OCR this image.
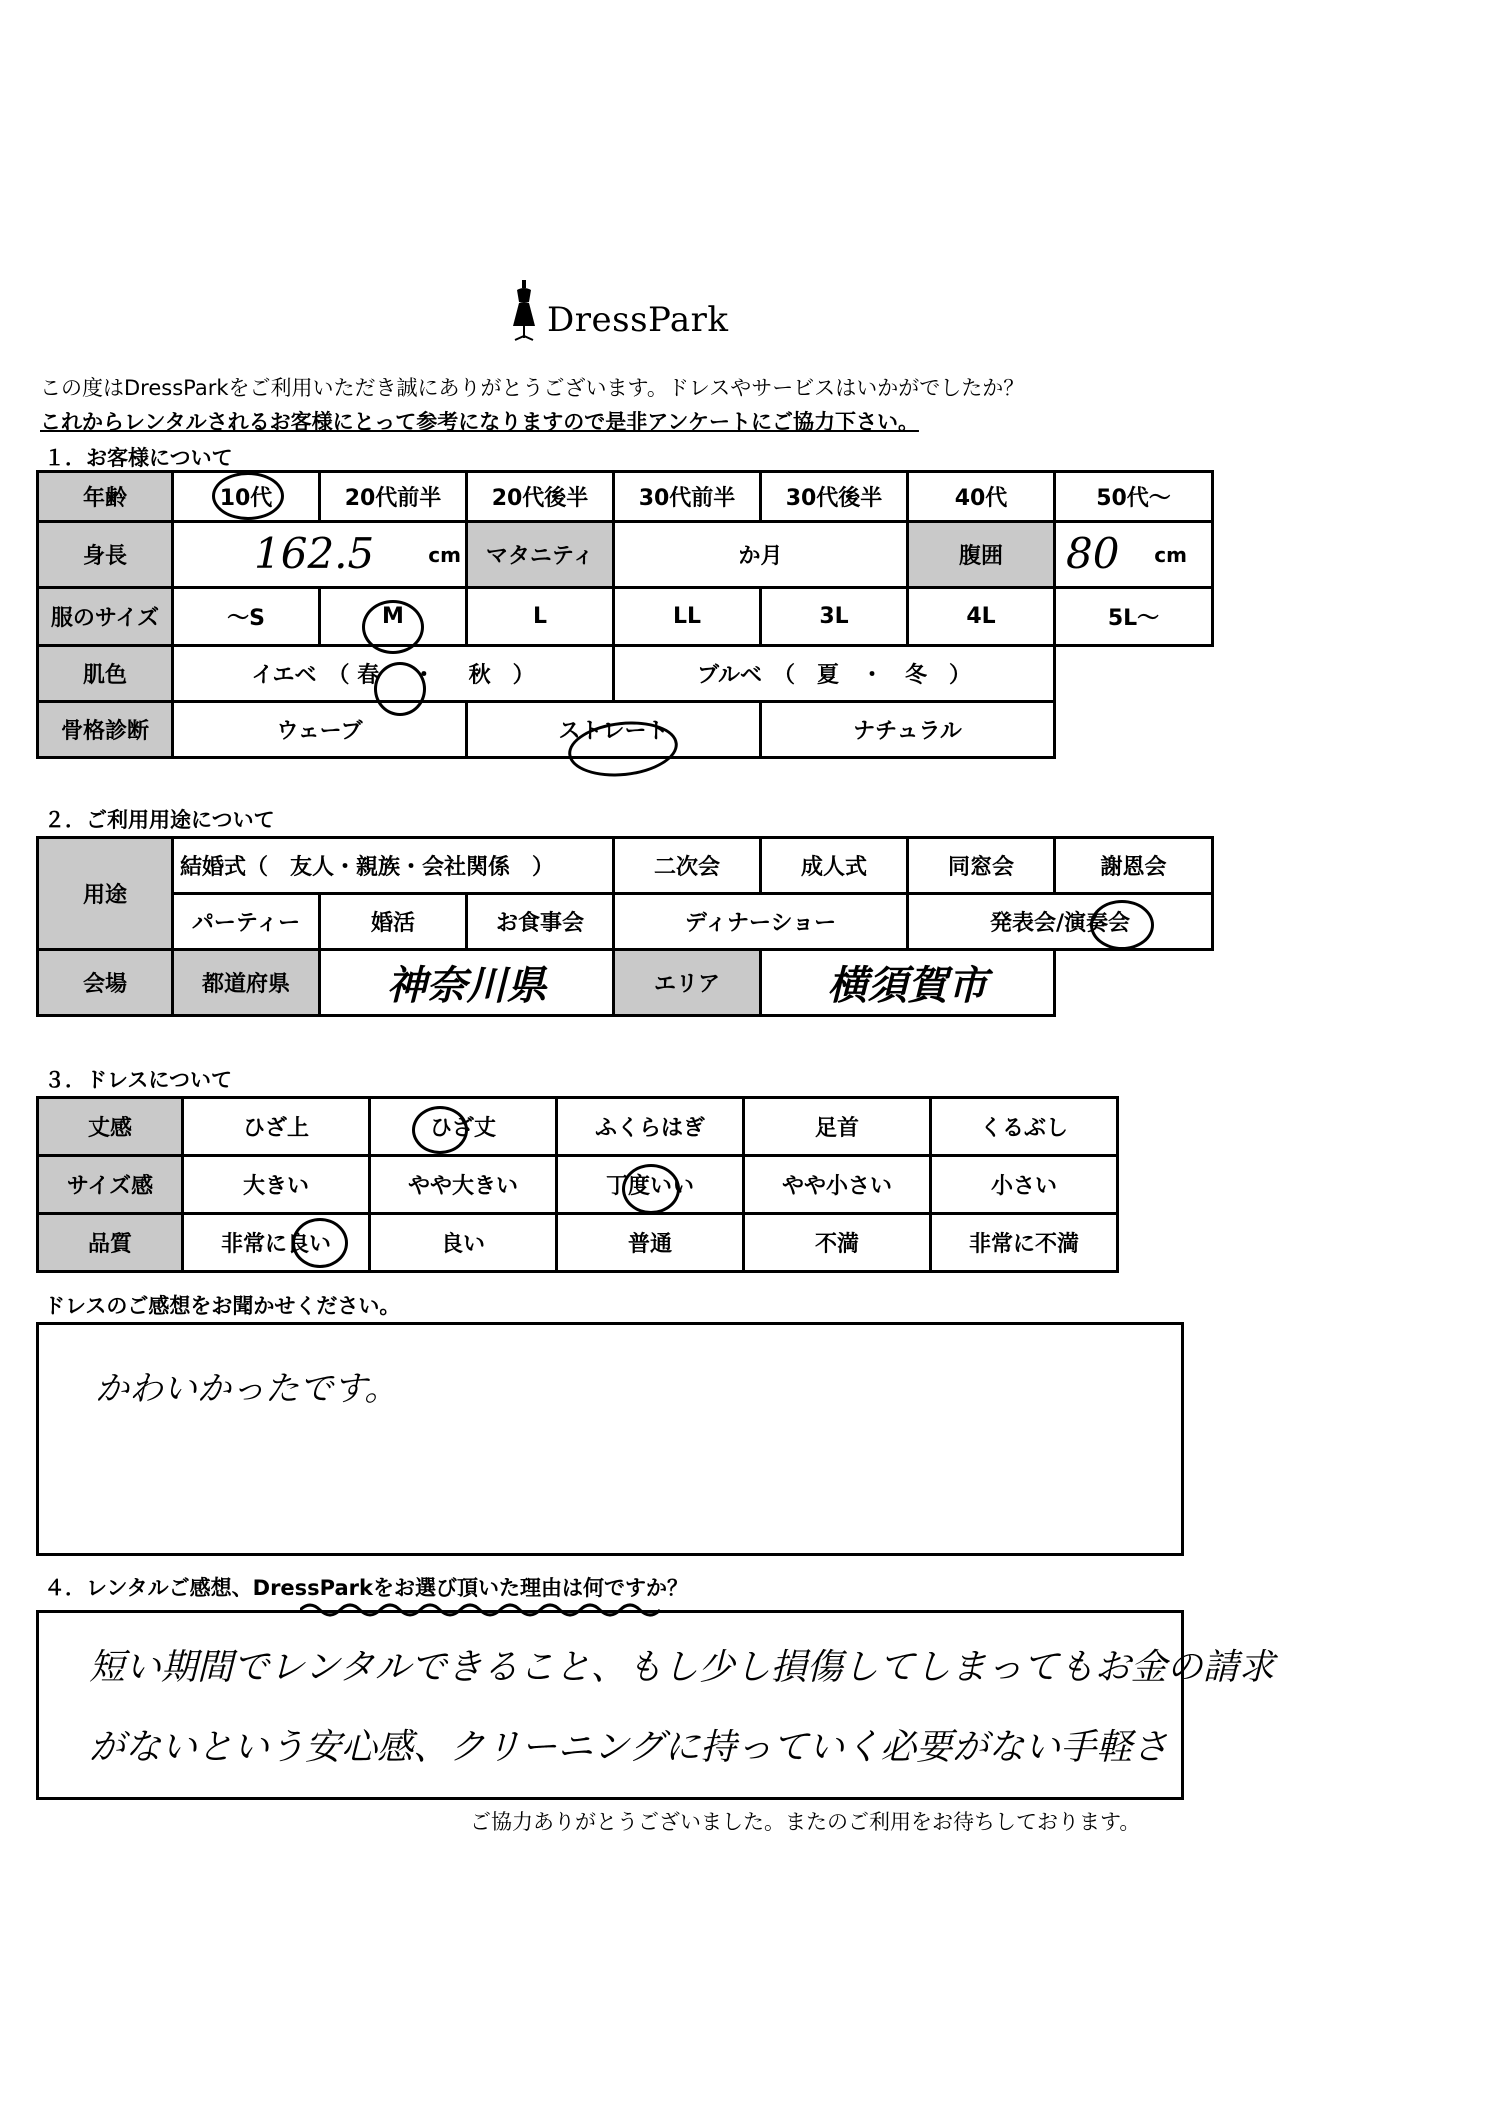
DressPark
この度はDressParkをご利用いただき誠にありがとうございます。ドレスやサービスはいかがでしたか？
これからレンタルされるお客様にとって参考になりますので是非アンケートにご協力下さい。
１．お客様について
年齢	10代	20代前半	20代後半	30代前半	30代後半	40代	50代～
身長	162.5 cm		マタニティ	か月		腹囲	80 cm

服のサイズ	～S	M	L	LL	3L	4L	5L～
肌色	イエベ　（ 春 ・ 秋　）			ブルベ　（　夏　・　冬　）			
骨格診断	ウェーブ		ストレート		ナチュラル		
２．ご利用用途について
用途	結婚式（　友人・親族・会社関係　）			二次会	成人式	同窓会	謝恩会
	パーティー	婚活	お食事会	ディナーショー		発表会/演奏会	
会場	都道府県	神奈川県		エリア	横須賀市		
３．ドレスについて
丈感	ひざ上	ひざ丈	ふくらはぎ	足首	くるぶし
サイズ感	大きい	やや大きい	丁度いい	やや小さい	小さい
品質	非常に良い	良い	普通	不満	非常に不満
ドレスのご感想をお聞かせください。
かわいかったです。
４．レンタルご感想、DressParkをお選び頂いた理由は何ですか？
短い期間でレンタルできること、もし少し損傷してしまってもお金の請求
がないという安心感、クリーニングに持っていく必要がない手軽さ
ご協力ありがとうございました。またのご利用をお待ちしております。
